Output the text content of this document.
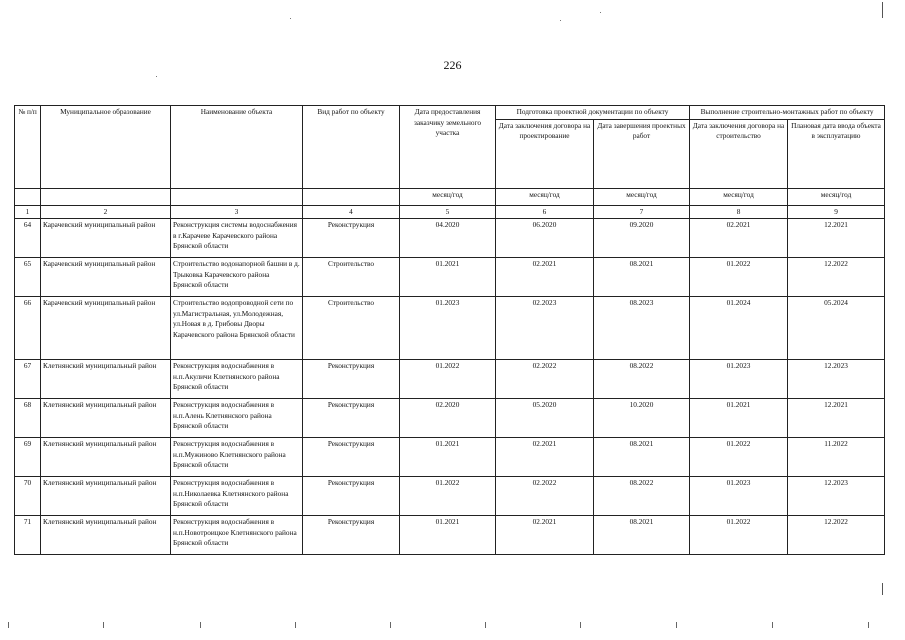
226
№ п/п	Муниципальное образование	Наименование объекта	Вид работ по объекту	Дата предоставления заказчику земельного участка	Подготовка проектной документации по объекту		Выполнение строительно-монтажных работ по объекту	
					Дата заключения договора на проектирование	Дата завершения проектных работ	Дата заключения договора на строительство	Плановая дата ввода объекта в эксплуатацию
				месяц/год	месяц/год	месяц/год	месяц/год	месяц/год
1	2	3	4	5	6	7	8	9
64	Карачевский муниципальный район	Реконструкция системы водоснабжения в г.Карачеве Карачевского района Брянской области	Реконструкция	04.2020	06.2020	09.2020	02.2021	12.2021
65	Карачевский муниципальный район	Строительство водонапорной башни в д. Трыковка Карачевского района Брянской области	Строительство	01.2021	02.2021	08.2021	01.2022	12.2022
66	Карачевский муниципальный район	Строительство водопроводной сети по ул.Магистральная, ул.Молодежная, ул.Новая в д. Грибовы Дворы Карачевского района Брянской области	Строительство	01.2023	02.2023	08.2023	01.2024	05.2024
67	Клетнянский муниципальный район	Реконструкция водоснабжения в н.п.Акуличи Клетнянского района Брянской области	Реконструкция	01.2022	02.2022	08.2022	01.2023	12.2023
68	Клетнянский муниципальный район	Реконструкция водоснабжения в н.п.Алень Клетнянского района Брянской области	Реконструкция	02.2020	05.2020	10.2020	01.2021	12.2021
69	Клетнянский муниципальный район	Реконструкция водоснабжения в н.п.Мужиново Клетнянского района Брянской области	Реконструкция	01.2021	02.2021	08.2021	01.2022	11.2022
70	Клетнянский муниципальный район	Реконструкция водоснабжения в н.п.Николаевка Клетнянского района Брянской области	Реконструкция	01.2022	02.2022	08.2022	01.2023	12.2023
71	Клетнянский муниципальный район	Реконструкция водоснабжения в н.п.Новотроицкое Клетнянского района Брянской области	Реконструкция	01.2021	02.2021	08.2021	01.2022	12.2022
